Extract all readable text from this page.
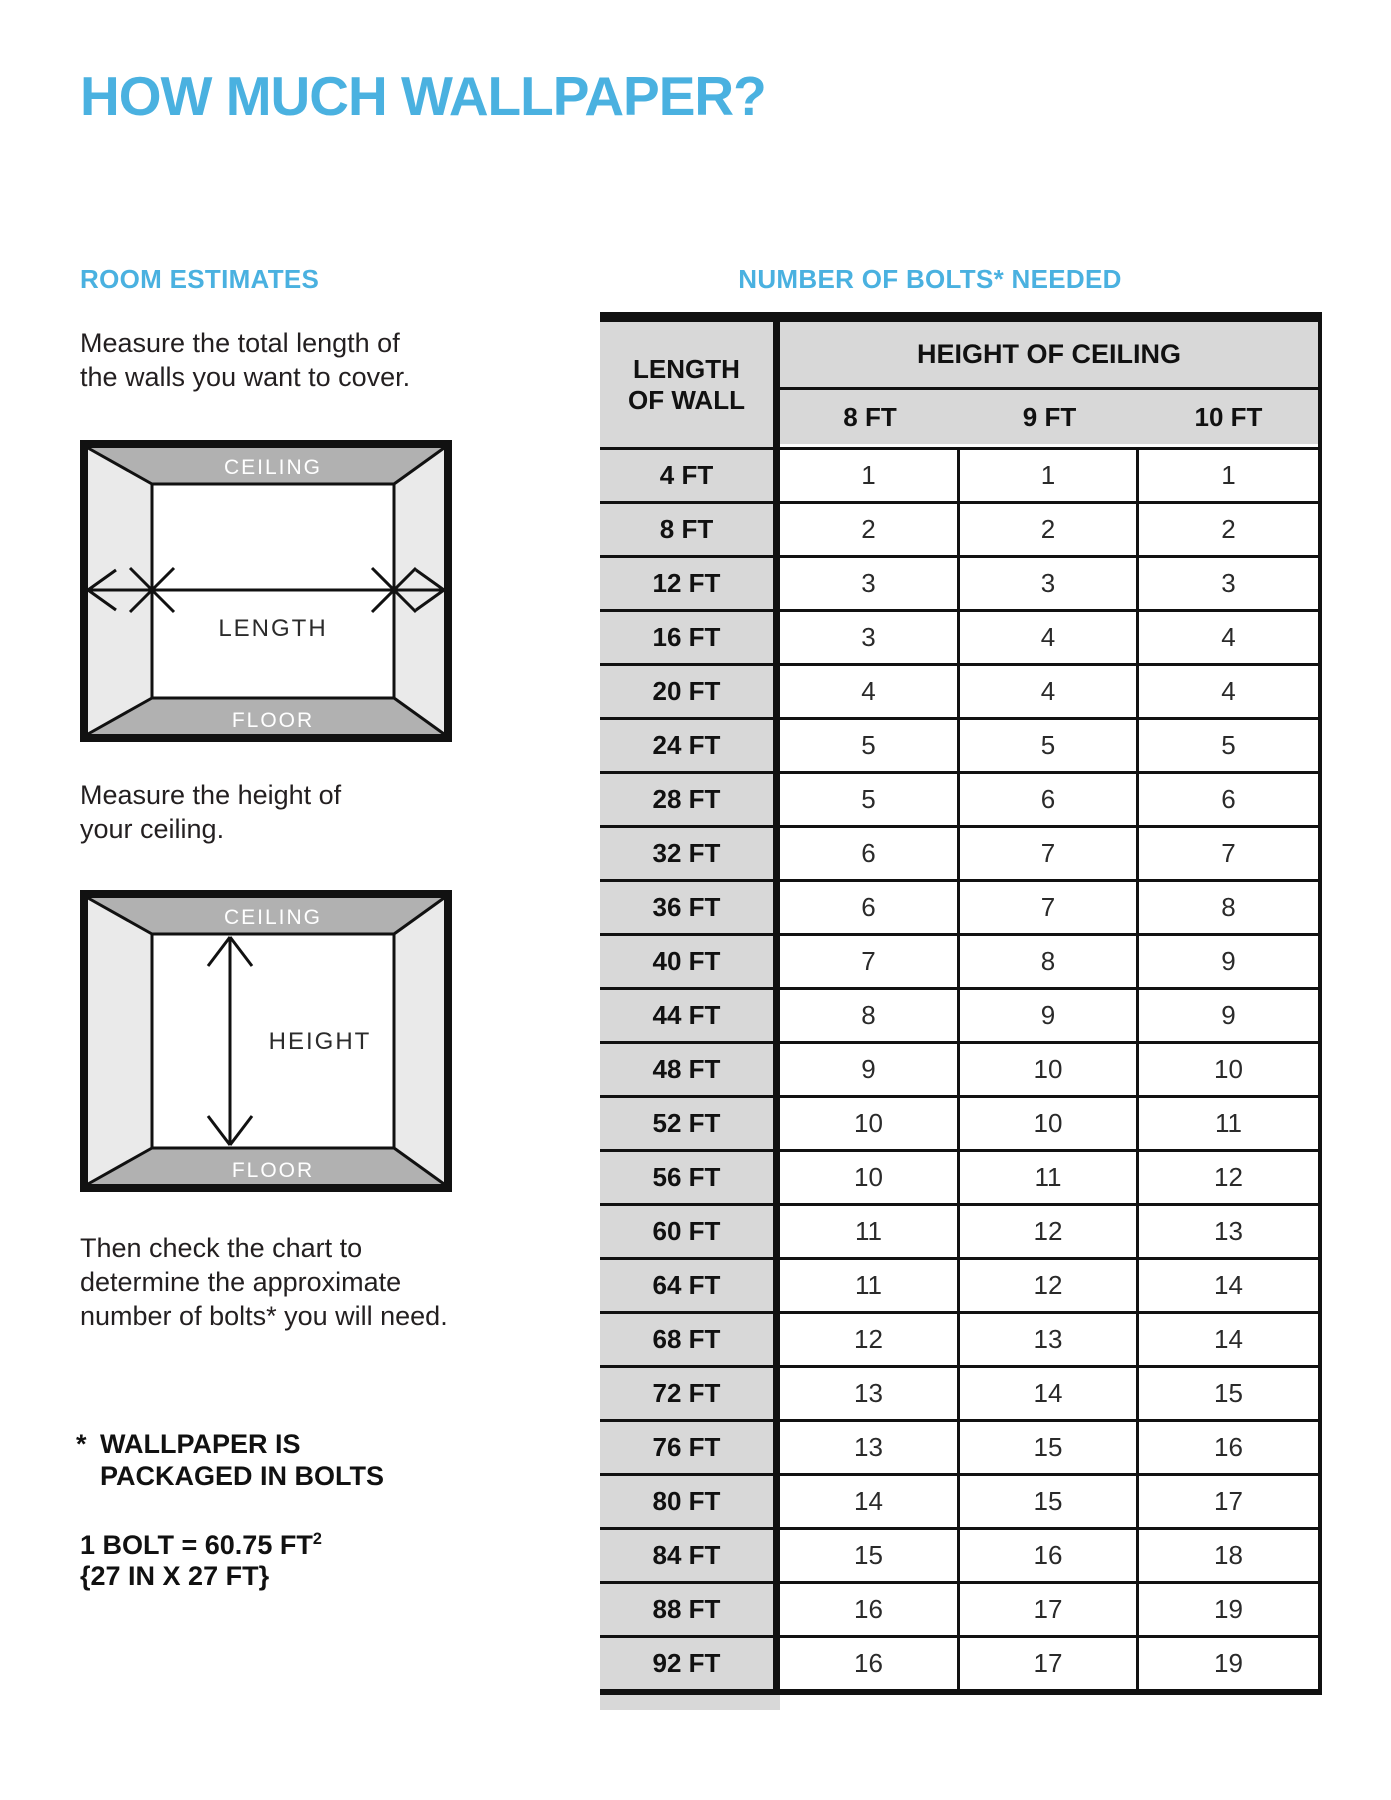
HOW MUCH WALLPAPER?
ROOM ESTIMATES	NUMBER OF BOLTS* NEEDED

Measure the total length of
the walls you want to cover.

CEILING
FLOOR
LENGTH

Measure the height of
your ceiling.

CEILING
FLOOR
HEIGHT

Then check the chart to
determine the approximate
number of bolts* you will need.

* WALLPAPER IS
PACKAGED IN BOLTS

1 BOLT = 60.75 $FT^2$
{27 IN X 27 FT}

LENGTH OF WALL
HEIGHT OF CEILING
8 FT	9 FT	10 FT
4 FT	1	1	1
8 FT	2	2	2
12 FT	3	3	3
16 FT	3	4	4
20 FT	4	4	4
24 FT	5	5	5
28 FT	5	6	6
32 FT	6	7	7
36 FT	6	7	8
40 FT	7	8	9
44 FT	8	9	9
48 FT	9	10	10
52 FT	10	10	11
56 FT	10	11	12
60 FT	11	12	13
64 FT	11	12	14
68 FT	12	13	14
72 FT	13	14	15
76 FT	13	15	16
80 FT	14	15	17
84 FT	15	16	18
88 FT	16	17	19
92 FT	16	17	19
